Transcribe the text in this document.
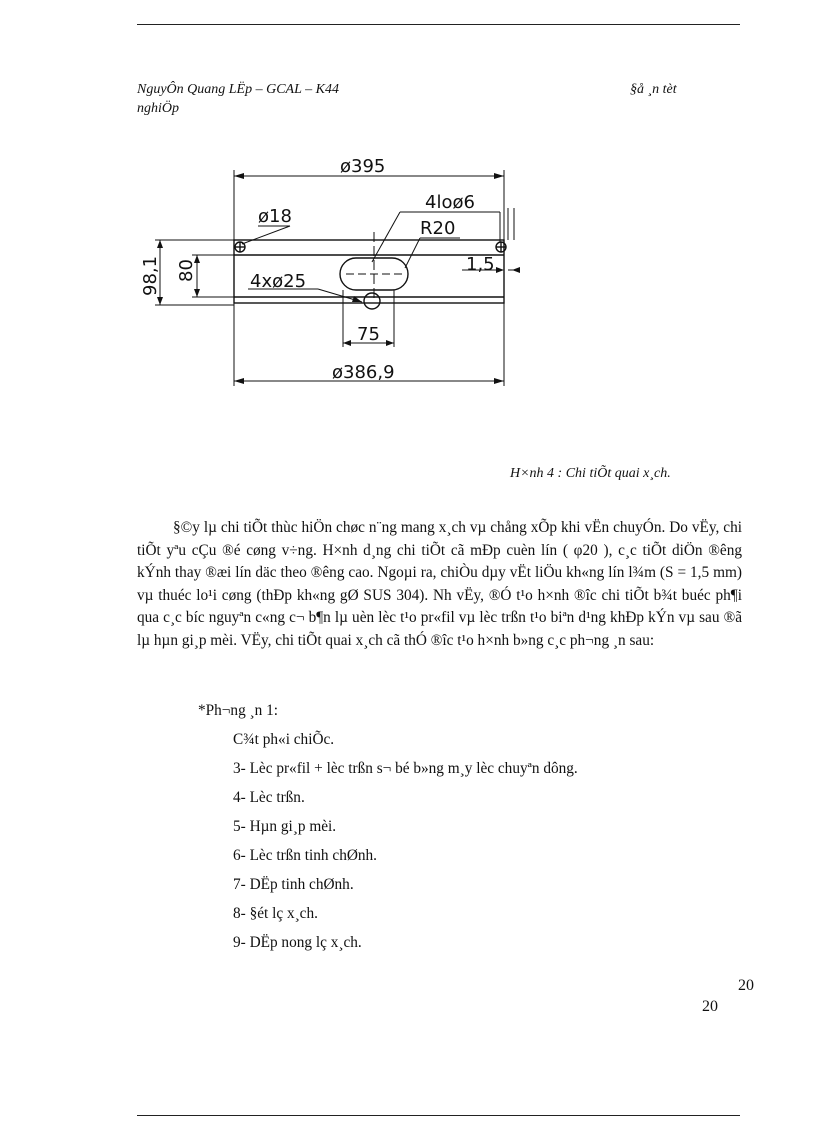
NguyÔn Quang LËp – GCAL – K44	§å ¸n tèt
nghiÖp
ø395
4loø6
ø18
R20
98,1 80	1,5
4xø25
75
ø386,9
H×nh 4 : Chi tiÕt quai x¸ch.

§©y lµ chi tiÕt thùc hiÖn chøc n¨ng mang x¸ch vµ chång xÕp khi vËn chuyÓn. Do vËy, chi tiÕt yªu cÇu ®é cøng v÷ng. H×nh d¸ng chi tiÕt cã mÐp cuèn lín ( φ20 ), c¸c tiÕt diÖn ®êng kÝnh thay ®æi lín däc theo ®êng cao. Ngoµi ra, chiÒu dµy vËt liÖu kh«ng lín l¾m (S = 1,5 mm) vµ thuéc lo¹i cøng (thÐp kh«ng gØ SUS 304). Nh vËy, ®Ó t¹o h×nh ®îc chi tiÕt b¾t buéc ph¶i qua c¸c bíc nguyªn c«ng c¬ b¶n lµ uèn lèc t¹o pr«fil vµ lèc trßn t¹o biªn d¹ng khÐp kÝn vµ sau ®ã lµ hµn gi¸p mèi. VËy, chi tiÕt quai x¸ch cã thÓ ®îc t¹o h×nh b»ng c¸c ph¬ng ¸n sau:

*Ph¬ng ¸n 1:
C¾t ph«i chiÕc.
3- Lèc pr«fil + lèc trßn s¬ bé b»ng m¸y lèc chuyªn dông.
4- Lèc trßn.
5- Hµn gi¸p mèi.
6- Lèc trßn tinh chØnh.
7- DËp tinh chØnh.
8- §ét lç x¸ch.
9- DËp nong lç x¸ch.
20
20
